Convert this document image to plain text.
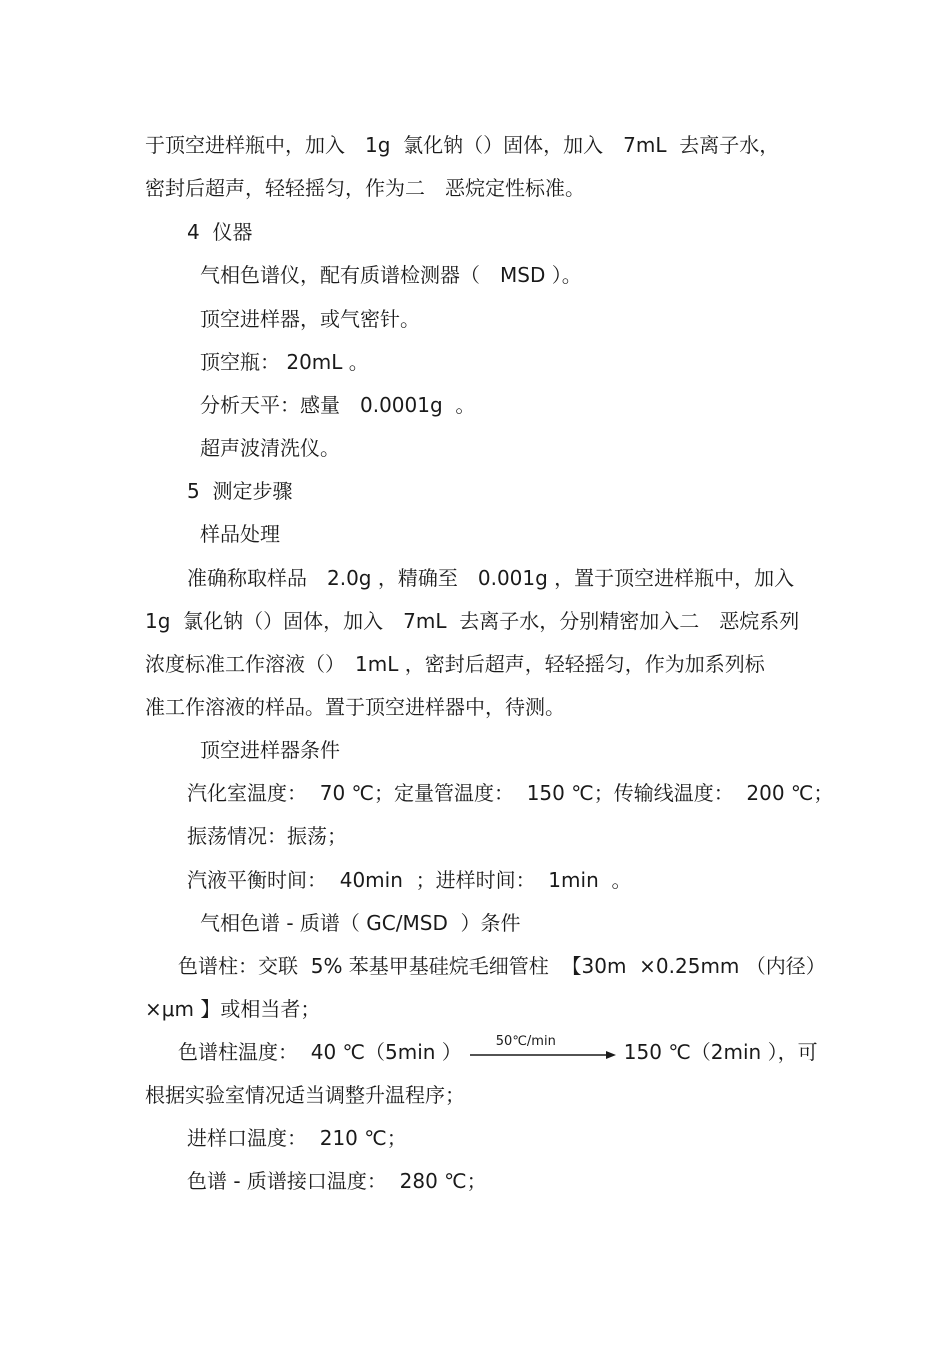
于顶空进样瓶中，加入　1g  氯化钠（）固体，加入　7mL  去离子水，

密封后超声，轻轻摇匀，作为二　恶烷定性标准。

4  仪器

气相色谱仪，配有质谱检测器（　MSD ）。

顶空进样器，或气密针。

顶空瓶： 20mL 。

分析天平：感量　0.0001g  。

超声波清洗仪。

5  测定步骤

样品处理

准确称取样品　2.0g ，精确至　0.001g ，置于顶空进样瓶中，加入

1g  氯化钠（）固体，加入　7mL  去离子水，分别精密加入二　恶烷系列

浓度标准工作溶液（）　1mL ，密封后超声，轻轻摇匀，作为加系列标

准工作溶液的样品。置于顶空进样器中，待测。

顶空进样器条件

汽化室温度：  70 ℃；定量管温度：  150 ℃；传输线温度：  200 ℃；

振荡情况：振荡；

汽液平衡时间：  40min  ；进样时间：  1min  。

气相色谱 - 质谱（ GC/MSD  ）条件

色谱柱：交联  5% 苯基甲基硅烷毛细管柱  【30m  ×0.25mm （内径）

×μm 】或相当者；

色谱柱温度：  40 ℃（5min ）	50℃/min	150 ℃（2min ），可

根据实验室情况适当调整升温程序；

进样口温度：  210 ℃；

色谱 - 质谱接口温度：  280 ℃；
